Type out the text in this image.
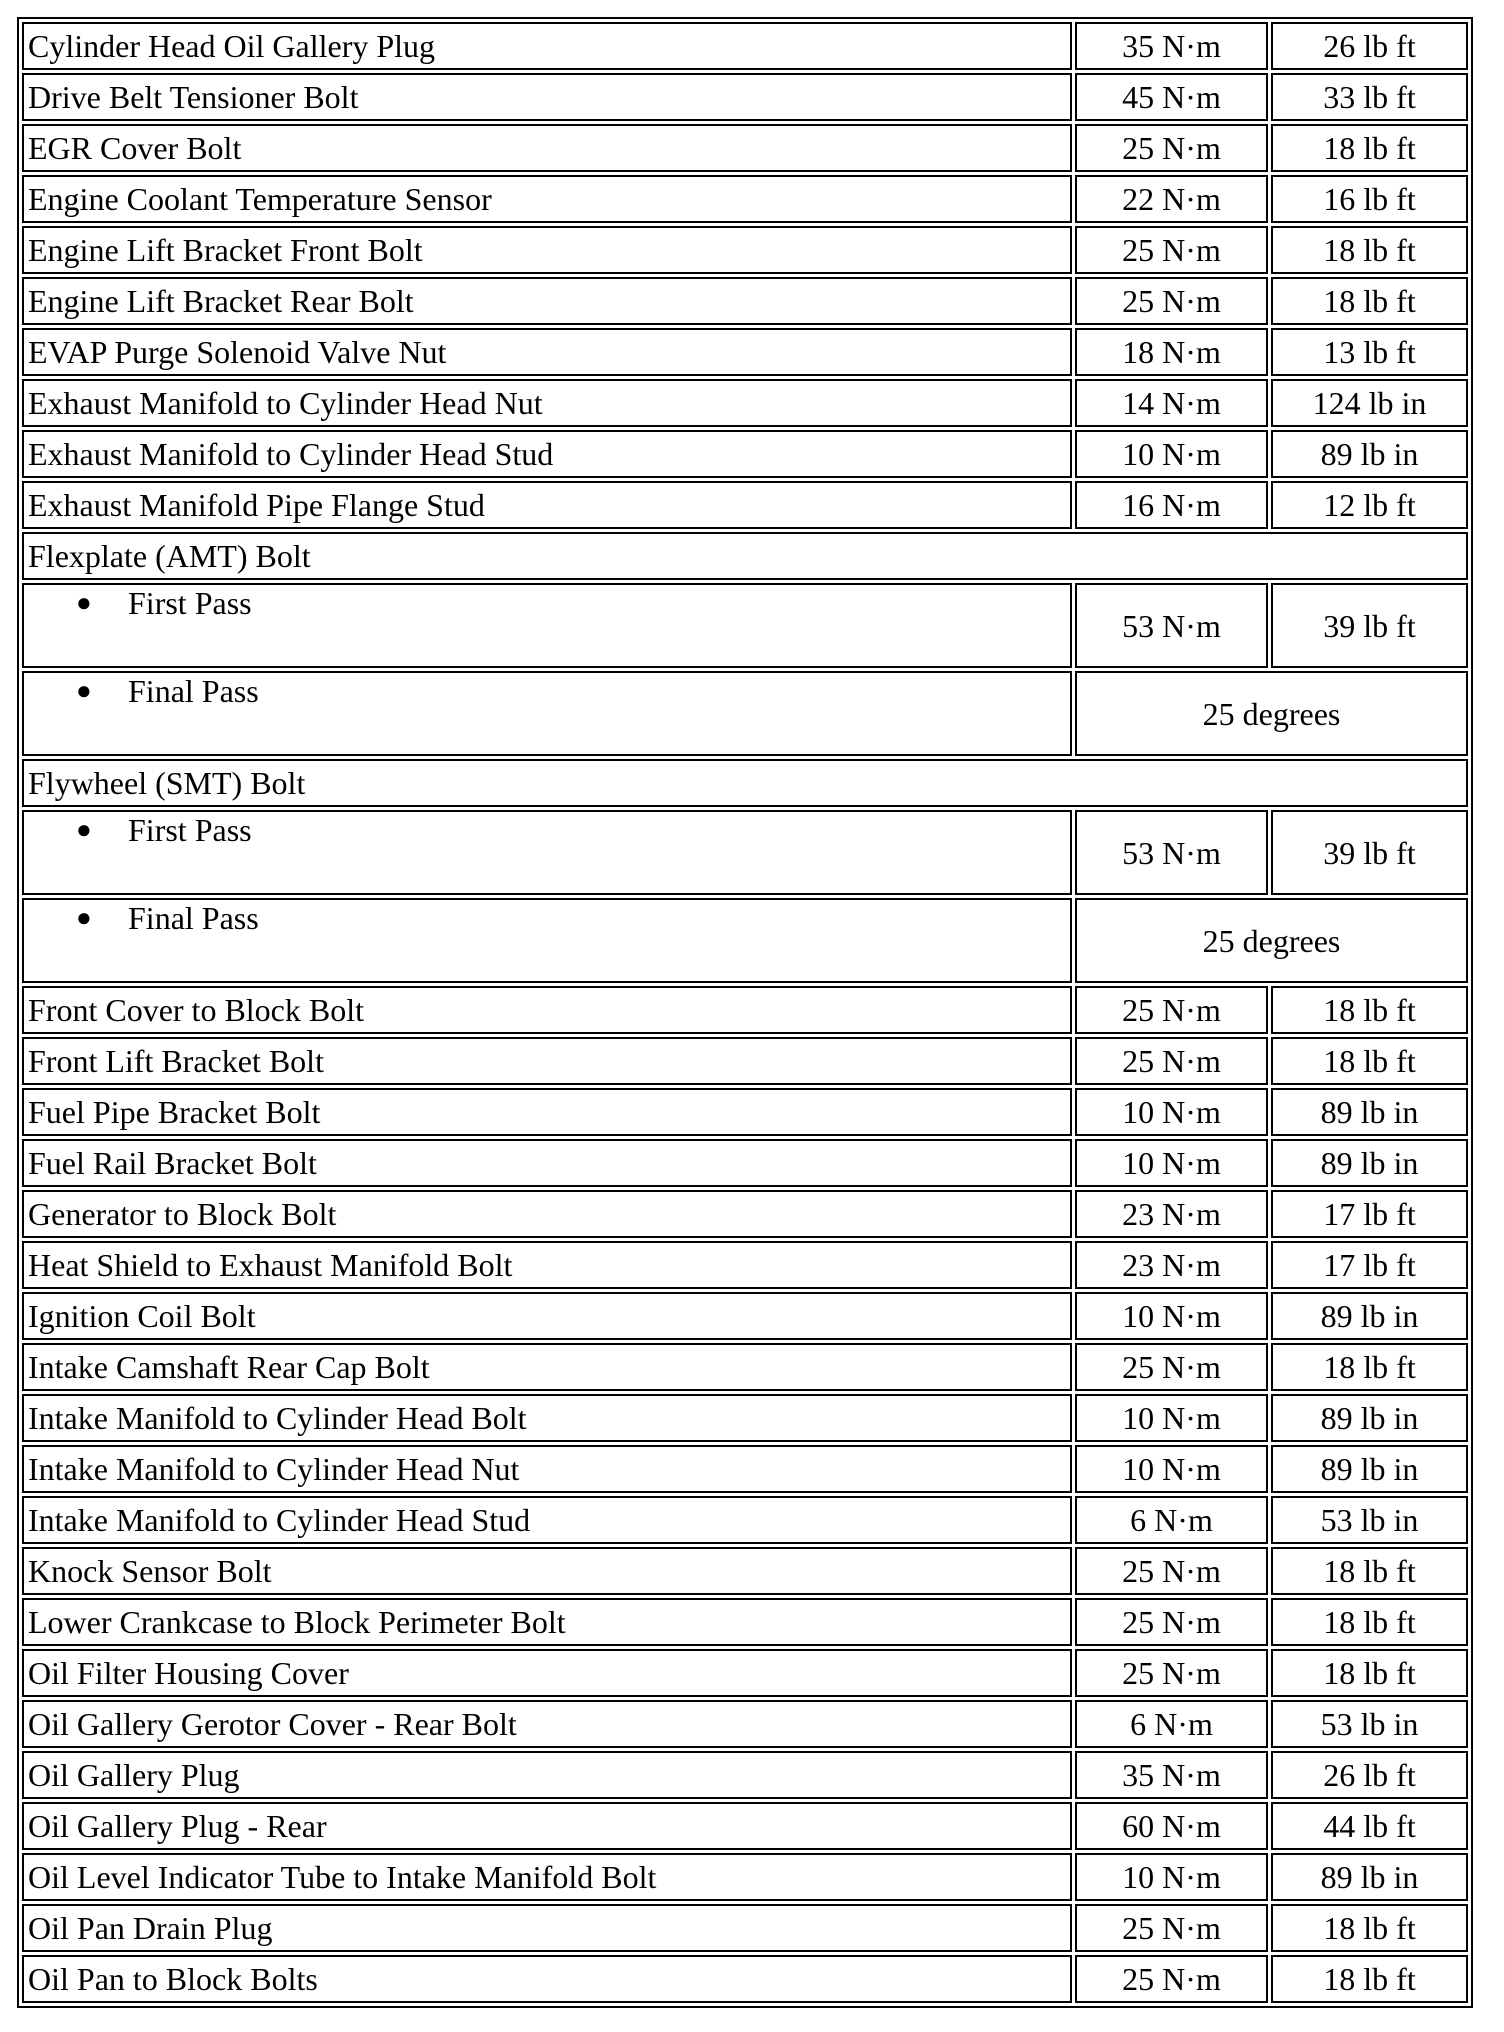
Cylinder Head Oil Gallery Plug	35 N·m	26 lb ft
Drive Belt Tensioner Bolt	45 N·m	33 lb ft
EGR Cover Bolt	25 N·m	18 lb ft
Engine Coolant Temperature Sensor	22 N·m	16 lb ft
Engine Lift Bracket Front Bolt	25 N·m	18 lb ft
Engine Lift Bracket Rear Bolt	25 N·m	18 lb ft
EVAP Purge Solenoid Valve Nut	18 N·m	13 lb ft
Exhaust Manifold to Cylinder Head Nut	14 N·m	124 lb in
Exhaust Manifold to Cylinder Head Stud	10 N·m	89 lb in
Exhaust Manifold Pipe Flange Stud	16 N·m	12 lb ft
Flexplate (AMT) Bolt		

● First Pass	53 N·m	39 lb ft

● Final Pass	25 degrees	
Flywheel (SMT) Bolt		

● First Pass	53 N·m	39 lb ft

● Final Pass	25 degrees	
Front Cover to Block Bolt	25 N·m	18 lb ft
Front Lift Bracket Bolt	25 N·m	18 lb ft
Fuel Pipe Bracket Bolt	10 N·m	89 lb in
Fuel Rail Bracket Bolt	10 N·m	89 lb in
Generator to Block Bolt	23 N·m	17 lb ft
Heat Shield to Exhaust Manifold Bolt	23 N·m	17 lb ft
Ignition Coil Bolt	10 N·m	89 lb in
Intake Camshaft Rear Cap Bolt	25 N·m	18 lb ft
Intake Manifold to Cylinder Head Bolt	10 N·m	89 lb in
Intake Manifold to Cylinder Head Nut	10 N·m	89 lb in
Intake Manifold to Cylinder Head Stud	6 N·m	53 lb in
Knock Sensor Bolt	25 N·m	18 lb ft
Lower Crankcase to Block Perimeter Bolt	25 N·m	18 lb ft
Oil Filter Housing Cover	25 N·m	18 lb ft
Oil Gallery Gerotor Cover - Rear Bolt	6 N·m	53 lb in
Oil Gallery Plug	35 N·m	26 lb ft
Oil Gallery Plug - Rear	60 N·m	44 lb ft
Oil Level Indicator Tube to Intake Manifold Bolt	10 N·m	89 lb in
Oil Pan Drain Plug	25 N·m	18 lb ft
Oil Pan to Block Bolts	25 N·m	18 lb ft
